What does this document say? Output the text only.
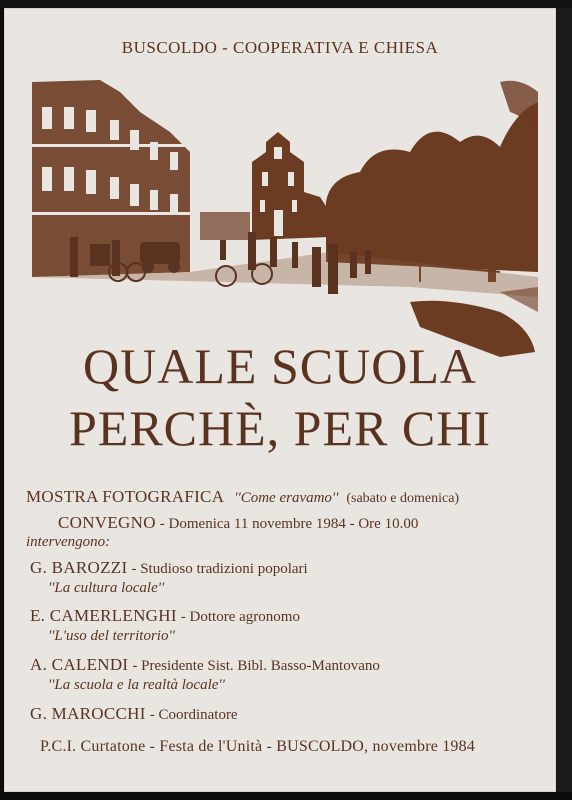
BUSCOLDO - COOPERATIVA E CHIESA
QUALE SCUOLA
PERCHÈ, PER CHI
MOSTRA FOTOGRAFICA ''Come eravamo'' (sabato e domenica)
CONVEGNO - Domenica 11 novembre 1984 - Ore 10.00
intervengono:
G. BAROZZI - Studioso tradizioni popolari
''La cultura locale''
E. CAMERLENGHI - Dottore agronomo
''L'uso del territorio''
A. CALENDI - Presidente Sist. Bibl. Basso-Mantovano
''La scuola e la realtà locale''
G. MAROCCHI - Coordinatore
P.C.I. Curtatone - Festa de l'Unità - BUSCOLDO, novembre 1984
